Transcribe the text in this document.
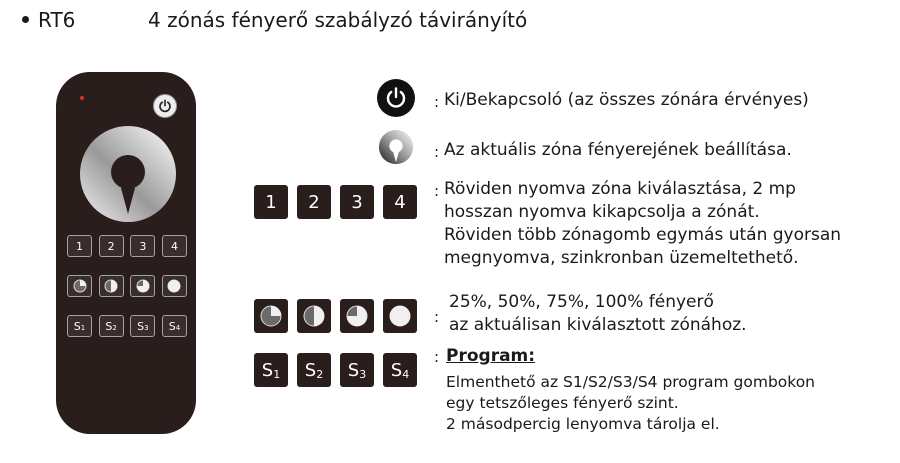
RT6	4 zónás fényerő szabályzó távirányító
1	2	3	4
$S_1$ $S_2$ $S_3$ $S_4$
: Ki/Bekapcsoló (az összes zónára érvényes)
: Az aktuális zóna fényerejének beállítása.
1	2	3	4
: Röviden nyomva zóna kiválasztása, 2 mp
hosszan nyomva kikapcsolja a zónát.
Röviden több zónagomb egymás után gyorsan
megnyomva, szinkronban üzemeltethető.
:
25%, 50%, 75%, 100% fényerő
az aktuálisan kiválasztott zónához.
$S_1$ $S_2$ $S_3$ $S_4$
: Program:
Elmenthető az S1/S2/S3/S4 program gombokon
egy tetszőleges fényerő szint.
2 másodpercig lenyomva tárolja el.
